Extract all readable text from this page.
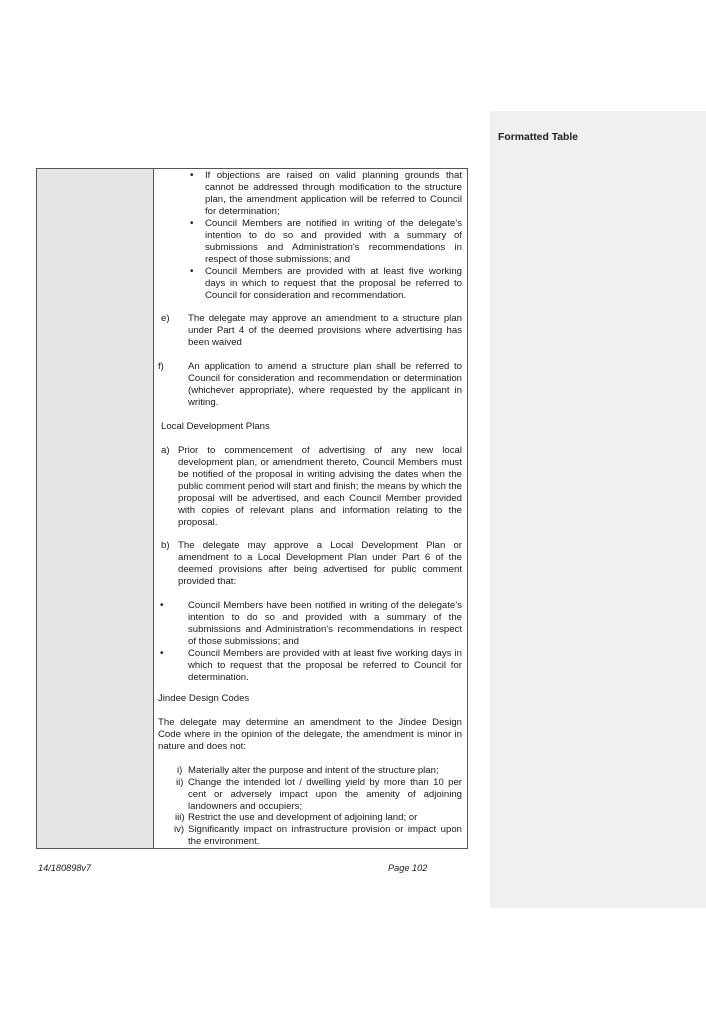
Formatted Table
• If objections are raised on valid planning grounds that cannot be addressed through modification to the structure plan, the amendment application will be referred to Council for determination;
• Council Members are notified in writing of the delegate’s intention to do so and provided with a summary of submissions and Administration's recommendations in respect of those submissions; and
• Council Members are provided with at least five working days in which to request that the proposal be referred to Council for consideration and recommendation.
e) The delegate may approve an amendment to a structure plan under Part 4 of the deemed provisions where advertising has been waived
f)	An application to amend a structure plan shall be referred to Council for consideration and recommendation or determination (whichever appropriate), where requested by the applicant in writing.
Local Development Plans
a) Prior to commencement of advertising of any new local development plan, or amendment thereto, Council Members must be notified of the proposal in writing advising the dates when the public comment period will start and finish; the means by which the proposal will be advertised, and each Council Member provided with copies of relevant plans and information relating to the proposal.
b) The delegate may approve a Local Development Plan or amendment to a Local Development Plan under Part 6 of the deemed provisions after being advertised for public comment provided that:
•	Council Members have been notified in writing of the delegate’s intention to do so and provided with a summary of the submissions and Administration's recommendations in respect of those submissions; and
•	Council Members are provided with at least five working days in which to request that the proposal be referred to Council for determination.
Jindee Design Codes
The delegate may determine an amendment to the Jindee Design Code where in the opinion of the delegate, the amendment is minor in nature and does not:
i) Materially alter the purpose and intent of the structure plan;
ii) Change the intended lot / dwelling yield by more than 10 per cent or adversely impact upon the amenity of adjoining landowners and occupiers;
iii) Restrict the use and development of adjoining land; or
iv) Significantly impact on infrastructure provision or impact upon the environment.
14/180898v7	Page 102
